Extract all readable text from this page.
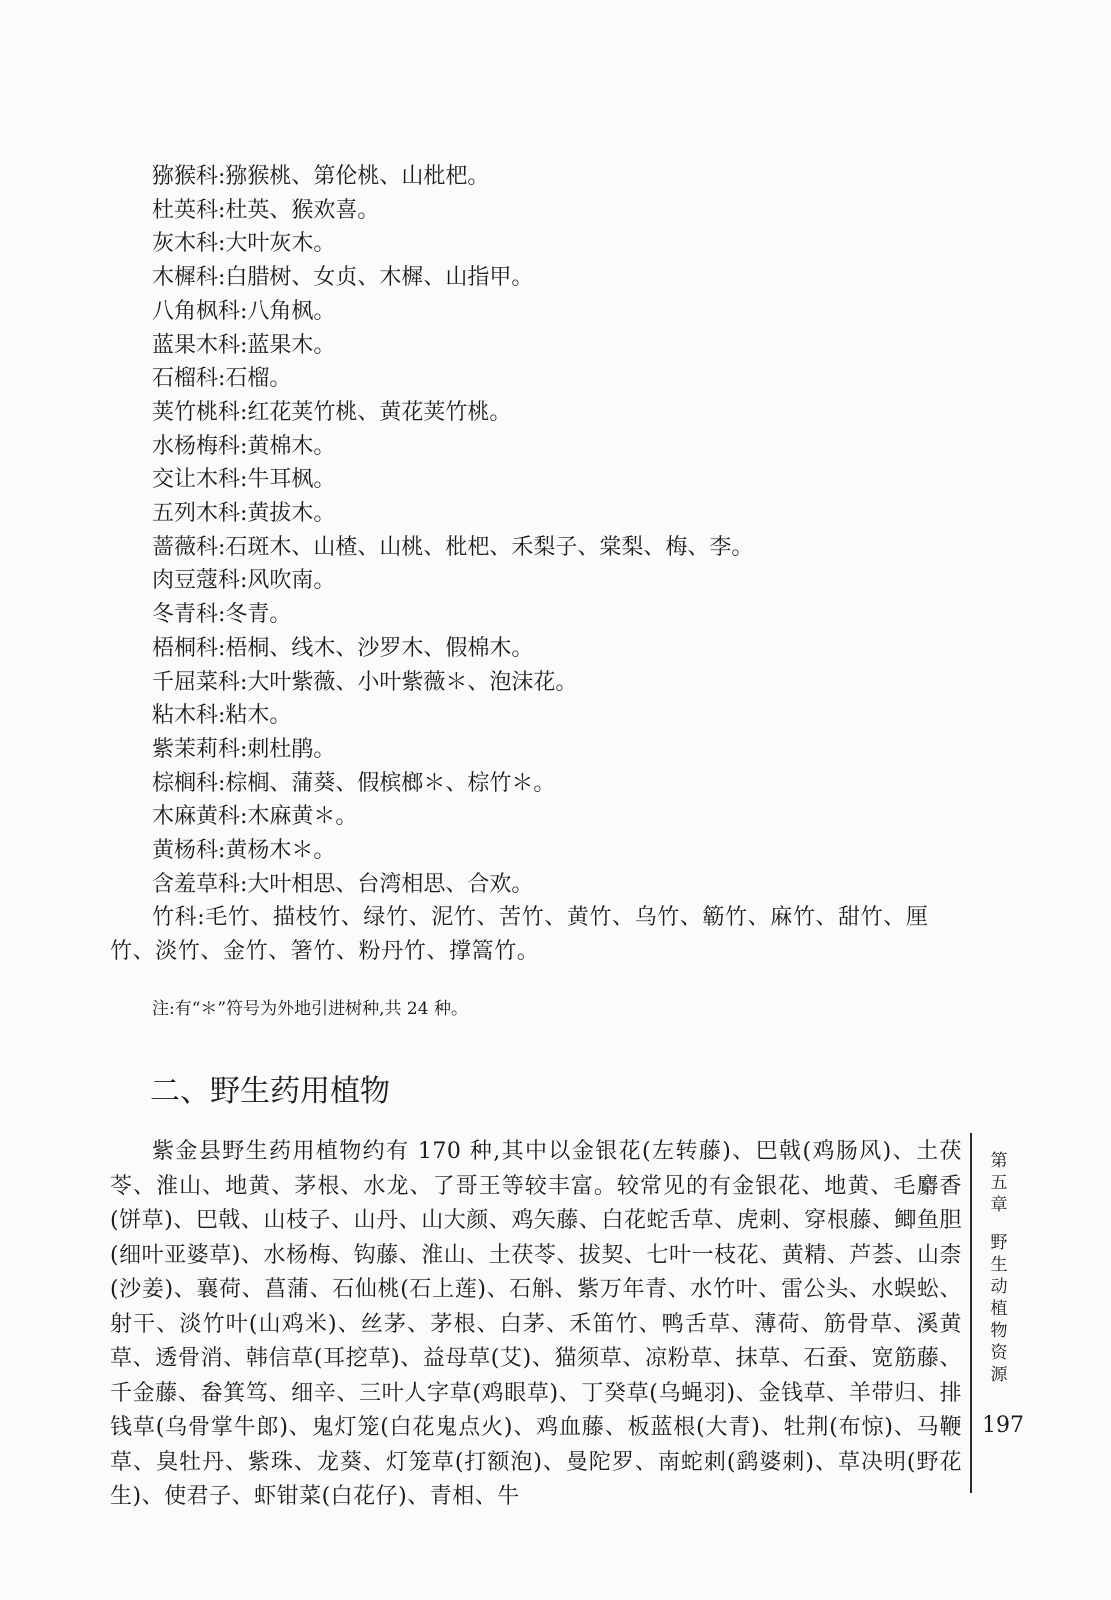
猕猴科:猕猴桃、第伦桃、山枇杷。
杜英科:杜英、猴欢喜。
灰木科:大叶灰木。
木樨科:白腊树、女贞、木樨、山指甲。
八角枫科:八角枫。
蓝果木科:蓝果木。
石榴科:石榴。
荚竹桃科:红花荚竹桃、黄花荚竹桃。
水杨梅科:黄棉木。
交让木科:牛耳枫。
五列木科:黄拔木。
蔷薇科:石斑木、山楂、山桃、枇杷、禾梨子、棠梨、梅、李。
肉豆蔻科:风吹南。
冬青科:冬青。
梧桐科:梧桐、线木、沙罗木、假棉木。
千屈菜科:大叶紫薇、小叶紫薇＊、泡沫花。
粘木科:粘木。
紫茉莉科:刺杜鹃。
棕榈科:棕榈、蒲葵、假槟榔＊、棕竹＊。
木麻黄科:木麻黄＊。
黄杨科:黄杨木＊。
含羞草科:大叶相思、台湾相思、合欢。
竹科:毛竹、描枝竹、绿竹、泥竹、苦竹、黄竹、乌竹、簕竹、麻竹、甜竹、厘竹、淡竹、金竹、箸竹、粉丹竹、撑篙竹。
注:有“＊”符号为外地引进树种,共 24 种。
二、野生药用植物
紫金县野生药用植物约有 170 种,其中以金银花(左转藤)、巴戟(鸡肠风)、土茯苓、淮山、地黄、茅根、水龙、了哥王等较丰富。较常见的有金银花、地黄、毛麝香(饼草)、巴戟、山枝子、山丹、山大颜、鸡矢藤、白花蛇舌草、虎刺、穿根藤、鲫鱼胆(细叶亚婆草)、水杨梅、钩藤、淮山、土茯苓、拔契、七叶一枝花、黄精、芦荟、山柰(沙姜)、襄荷、菖蒲、石仙桃(石上莲)、石斛、紫万年青、水竹叶、雷公头、水蜈蚣、射干、淡竹叶(山鸡米)、丝茅、茅根、白茅、禾笛竹、鸭舌草、薄荷、筋骨草、溪黄草、透骨消、韩信草(耳挖草)、益母草(艾)、猫须草、凉粉草、抹草、石蚕、宽筋藤、千金藤、畚箕笃、细辛、三叶人字草(鸡眼草)、丁癸草(乌蝇羽)、金钱草、羊带归、排钱草(乌骨掌牛郎)、鬼灯笼(白花鬼点火)、鸡血藤、板蓝根(大青)、牡荆(布惊)、马鞭草、臭牡丹、紫珠、龙葵、灯笼草(打额泡)、曼陀罗、南蛇刺(鹞婆刺)、草决明(野花生)、使君子、虾钳菜(白花仔)、青相、牛
第
五
章
野
生
动
植
物
资
源
197
